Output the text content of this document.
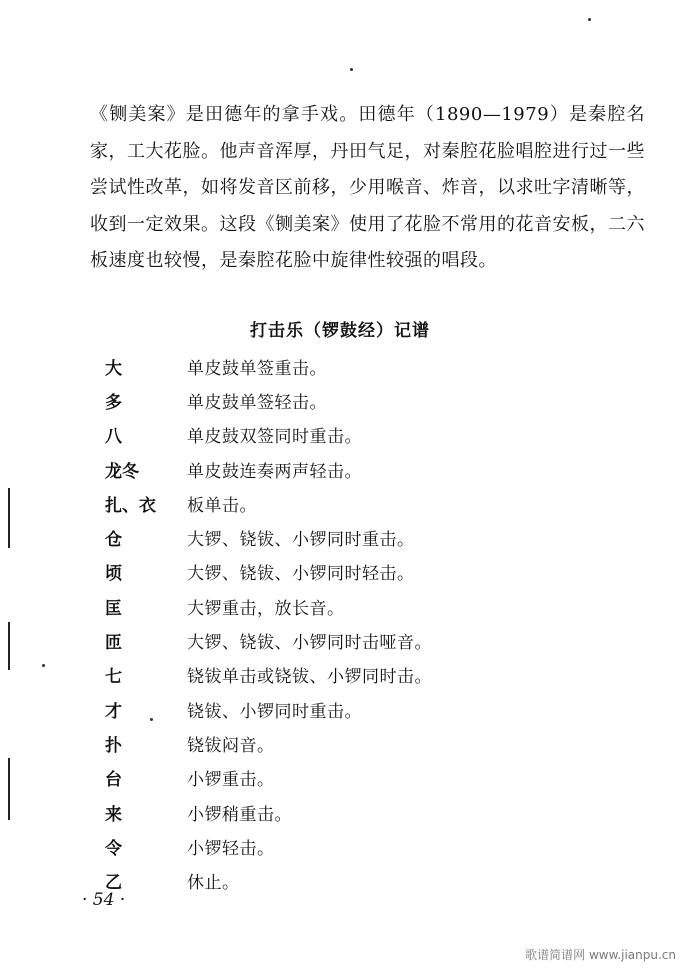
《铡美案》是田德年的拿手戏。田德年（1890—1979）是秦腔名家，工大花脸。他声音浑厚，丹田气足，对秦腔花脸唱腔进行过一些尝试性改革，如将发音区前移，少用喉音、炸音，以求吐字清晰等，收到一定效果。这段《铡美案》使用了花脸不常用的花音安板，二六板速度也较慢，是秦腔花脸中旋律性较强的唱段。

打击乐（锣鼓经）记谱
大	单皮鼓单签重击。
多	单皮鼓单签轻击。
八	单皮鼓双签同时重击。
龙冬	单皮鼓连奏两声轻击。
扎、衣	板单击。
仓	大锣、铙钹、小锣同时重击。
顷	大锣、铙钹、小锣同时轻击。
匡	大锣重击，放长音。
匝	大锣、铙钹、小锣同时击哑音。
七	铙钹单击或铙钹、小锣同时击。
才	铙钹、小锣同时重击。
扑	铙钹闷音。
台	小锣重击。
来	小锣稍重击。
令	小锣轻击。
乙	休止。
· 54 ·
歌谱简谱网 www.jianpu.cn
